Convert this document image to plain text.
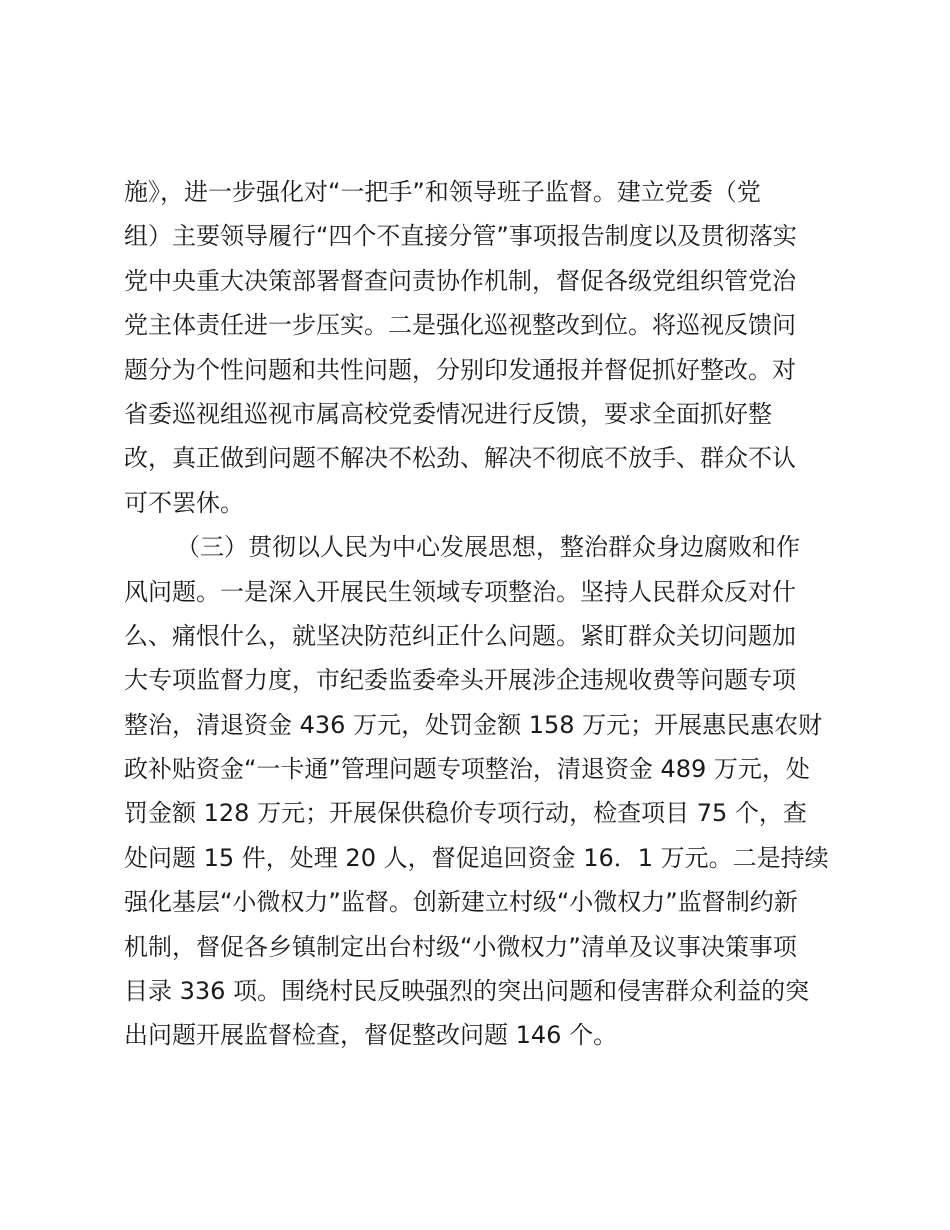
施》，进一步强化对“一把手”和领导班子监督。建立党委（党
组）主要领导履行“四个不直接分管”事项报告制度以及贯彻落实
党中央重大决策部署督查问责协作机制，督促各级党组织管党治
党主体责任进一步压实。二是强化巡视整改到位。将巡视反馈问
题分为个性问题和共性问题，分别印发通报并督促抓好整改。对
省委巡视组巡视市属高校党委情况进行反馈，要求全面抓好整
改，真正做到问题不解决不松劲、解决不彻底不放手、群众不认
可不罢休。
（三）贯彻以人民为中心发展思想，整治群众身边腐败和作
风问题。一是深入开展民生领域专项整治。坚持人民群众反对什
么、痛恨什么，就坚决防范纠正什么问题。紧盯群众关切问题加
大专项监督力度，市纪委监委牵头开展涉企违规收费等问题专项
整治，清退资金 436 万元，处罚金额 158 万元；开展惠民惠农财
政补贴资金“一卡通”管理问题专项整治，清退资金 489 万元，处
罚金额 128 万元；开展保供稳价专项行动，检查项目 75 个，查
处问题 15 件，处理 20 人，督促追回资金 16．1 万元。二是持续
强化基层“小微权力”监督。创新建立村级“小微权力”监督制约新
机制，督促各乡镇制定出台村级“小微权力”清单及议事决策事项
目录 336 项。围绕村民反映强烈的突出问题和侵害群众利益的突
出问题开展监督检查，督促整改问题 146 个。
